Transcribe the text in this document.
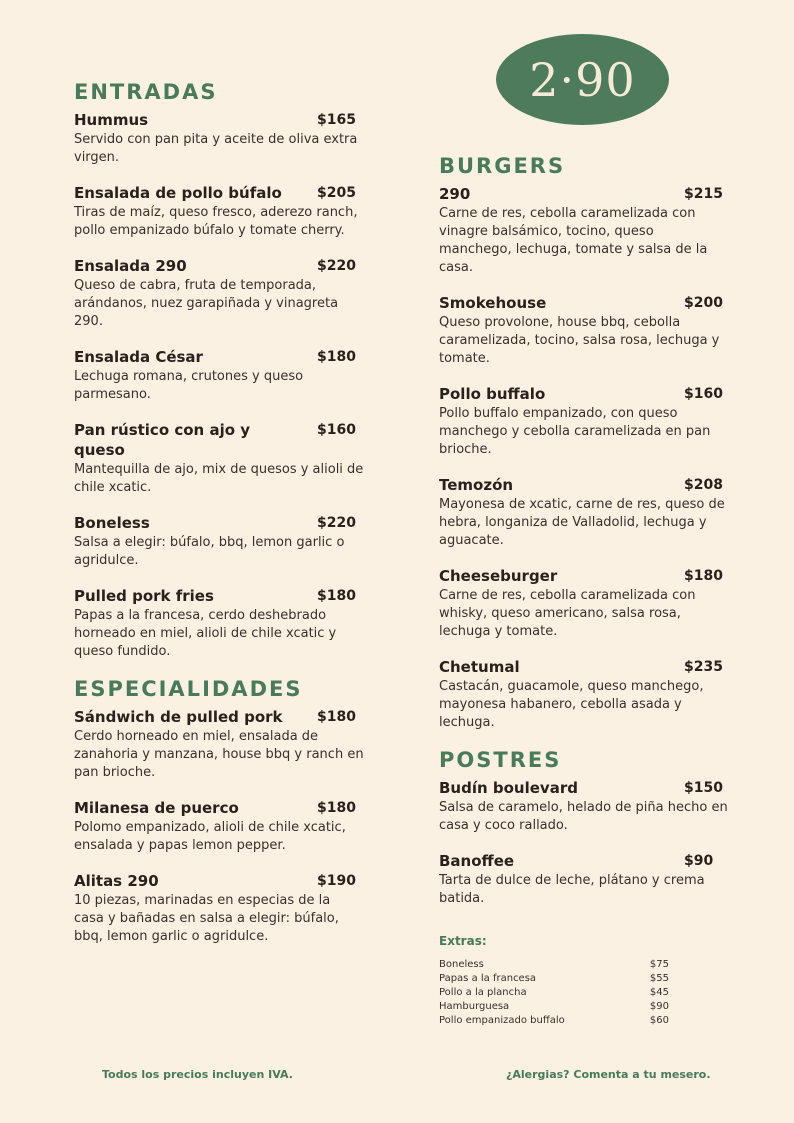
2·90
ENTRADAS
Hummus	$165
Servido con pan pita y aceite de oliva extra virgen.
Ensalada de pollo búfalo	$205
Tiras de maíz, queso fresco, aderezo ranch, pollo empanizado búfalo y tomate cherry.
Ensalada 290	$220
Queso de cabra, fruta de temporada, arándanos, nuez garapiñada y vinagreta 290.
Ensalada César	$180
Lechuga romana, crutones y queso parmesano.
Pan rústico con ajo y queso
$160
Mantequilla de ajo, mix de quesos y alioli de chile xcatic.
Boneless	$220
Salsa a elegir: búfalo, bbq, lemon garlic o agridulce.
Pulled pork fries	$180
Papas a la francesa, cerdo deshebrado horneado en miel, alioli de chile xcatic y queso fundido.
ESPECIALIDADES
Sándwich de pulled pork	$180
Cerdo horneado en miel, ensalada de zanahoria y manzana, house bbq y ranch en pan brioche.
Milanesa de puerco	$180
Polomo empanizado, alioli de chile xcatic, ensalada y papas lemon pepper.
Alitas 290	$190
10 piezas, marinadas en especias de la casa y bañadas en salsa a elegir: búfalo, bbq, lemon garlic o agridulce.
BURGERS
290	$215
Carne de res, cebolla caramelizada con vinagre balsámico, tocino, queso manchego, lechuga, tomate y salsa de la casa.
Smokehouse	$200
Queso provolone, house bbq, cebolla caramelizada, tocino, salsa rosa, lechuga y tomate.
Pollo buffalo	$160
Pollo buffalo empanizado, con queso manchego y cebolla caramelizada en pan brioche.
Temozón	$208
Mayonesa de xcatic, carne de res, queso de hebra, longaniza de Valladolid, lechuga y aguacate.
Cheeseburger	$180
Carne de res, cebolla caramelizada con whisky, queso americano, salsa rosa, lechuga y tomate.
Chetumal	$235
Castacán, guacamole, queso manchego, mayonesa habanero, cebolla asada y lechuga.
POSTRES
Budín boulevard	$150
Salsa de caramelo, helado de piña hecho en casa y coco rallado.
Banoffee	$90
Tarta de dulce de leche, plátano y crema batida.
Extras:
Boneless	$75
Papas a la francesa	$55
Pollo a la plancha	$45
Hamburguesa	$90
Pollo empanizado buffalo	$60
Todos los precios incluyen IVA.	¿Alergias? Comenta a tu mesero.
